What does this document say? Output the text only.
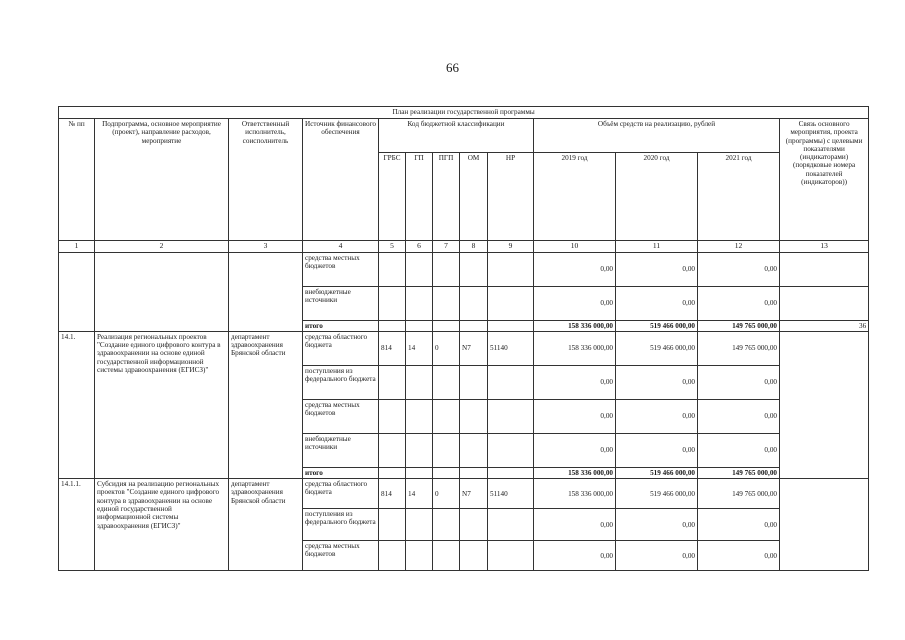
66
План реализации государственной программы												
№ пп	Подпрограмма, основное мероприятие (проект), направление расходов, мероприятие	Ответственный исполнитель, соисполнитель	Источник финансового обеспечения	Код бюджетной классификации					Объём средств на реализацию, рублей			Связь основного мероприятия, проекта (программы) с целевыми показателями (индикаторами) (порядковые номера показателей (индикаторов))
				ГРБС	ГП	ПГП	ОМ	НР	2019 год	2020 год	2021 год	
1	2	3	4	5	6	7	8	9	10	11	12	13
			средства местных бюджетов						0,00	0,00	0,00	
			внебюджетные источники						0,00	0,00	0,00	
			итого						158 336 000,00	519 466 000,00	149 765 000,00	36
14.1.	Реализация региональных проектов "Создание единого цифрового контура в здравоохранении на основе единой государственной информационной системы здравоохранения (ЕГИСЗ)"	департамент здравоохранения Брянской области	средства областного бюджета	814	14	0	N7	51140	158 336 000,00	519 466 000,00	149 765 000,00	
			поступления из федерального бюджета						0,00	0,00	0,00	
			средства местных бюджетов						0,00	0,00	0,00	
			внебюджетные источники						0,00	0,00	0,00	
			итого						158 336 000,00	519 466 000,00	149 765 000,00	
14.1.1.	Субсидия на реализацию региональных проектов "Создание единого цифрового контура в здравоохранении на основе единой государственной информационной системы здравоохранения (ЕГИСЗ)"	департамент здравоохранения Брянской области	средства областного бюджета	814	14	0	N7	51140	158 336 000,00	519 466 000,00	149 765 000,00	
			поступления из федерального бюджета						0,00	0,00	0,00	
			средства местных бюджетов						0,00	0,00	0,00	
